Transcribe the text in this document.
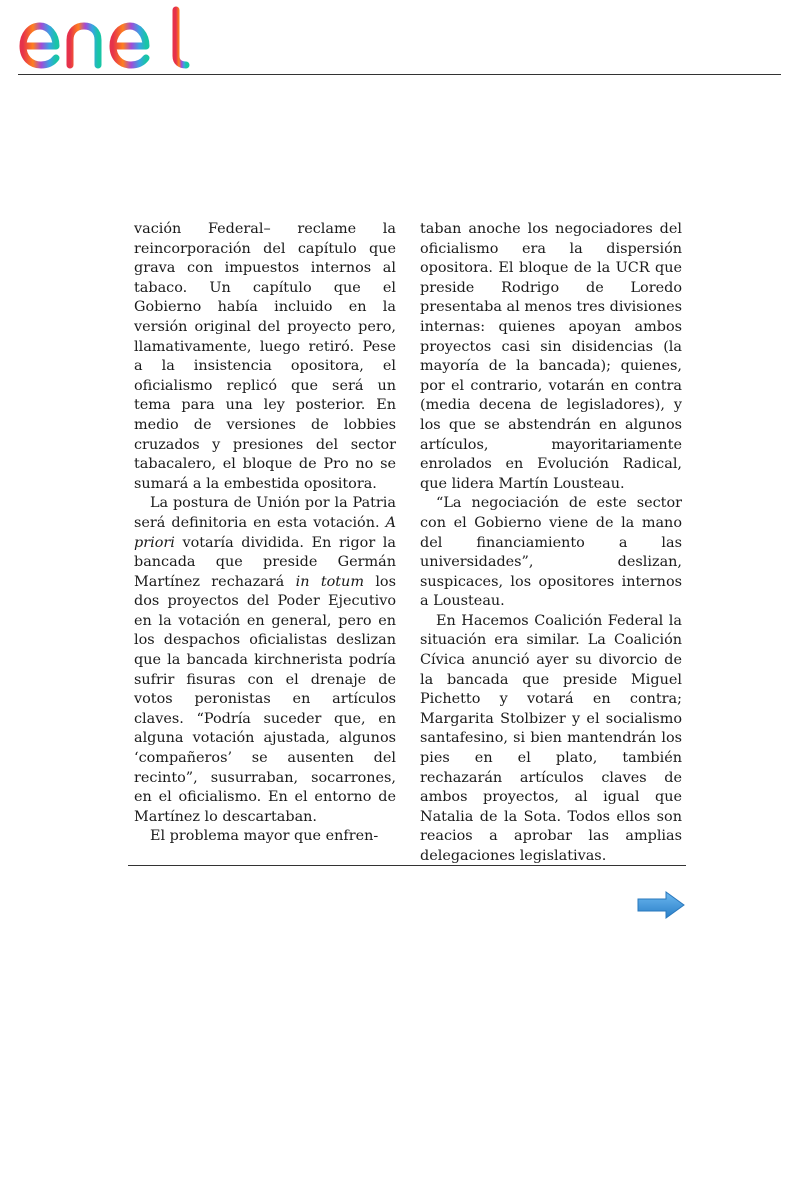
vación Federal– reclame la reincorporación del capítulo que grava con impuestos internos al tabaco. Un capítulo que el Gobierno había incluido en la versión original del proyecto pero, llamativamente, luego retiró. Pese a la insistencia opositora, el oficialismo replicó que será un tema para una ley posterior. En medio de versiones de lobbies cruzados y presiones del sector tabacalero, el bloque de Pro no se sumará a la embestida opositora.

La postura de Unión por la Patria será definitoria en esta votación. A priori votaría dividida. En rigor la bancada que preside Germán Martínez rechazará in totum los dos proyectos del Poder Ejecutivo en la votación en general, pero en los despachos oficialistas deslizan que la bancada kirchnerista podría sufrir fisuras con el drenaje de votos peronistas en artículos claves. “Podría suceder que, en alguna votación ajustada, algunos ‘compañeros’ se ausenten del recinto”, susurraban, socarrones, en el oficialismo. En el entorno de Martínez lo descartaban.

El problema mayor que enfren-

taban anoche los negociadores del oficialismo era la dispersión opositora. El bloque de la UCR que preside Rodrigo de Loredo presentaba al menos tres divisiones internas: quienes apoyan ambos proyectos casi sin disidencias (la mayoría de la bancada); quienes, por el contrario, votarán en contra (media decena de legisladores), y los que se abstendrán en algunos artículos, mayoritariamente enrolados en Evolución Radical, que lidera Martín Lousteau.

“La negociación de este sector con el Gobierno viene de la mano del financiamiento a las universidades”, deslizan, suspicaces, los opositores internos a Lousteau.

En Hacemos Coalición Federal la situación era similar. La Coalición Cívica anunció ayer su divorcio de la bancada que preside Miguel Pichetto y votará en contra; Margarita Stolbizer y el socialismo santafesino, si bien mantendrán los pies en el plato, también rechazarán artículos claves de ambos proyectos, al igual que Natalia de la Sota. Todos ellos son reacios a aprobar las amplias delegaciones legislativas.
